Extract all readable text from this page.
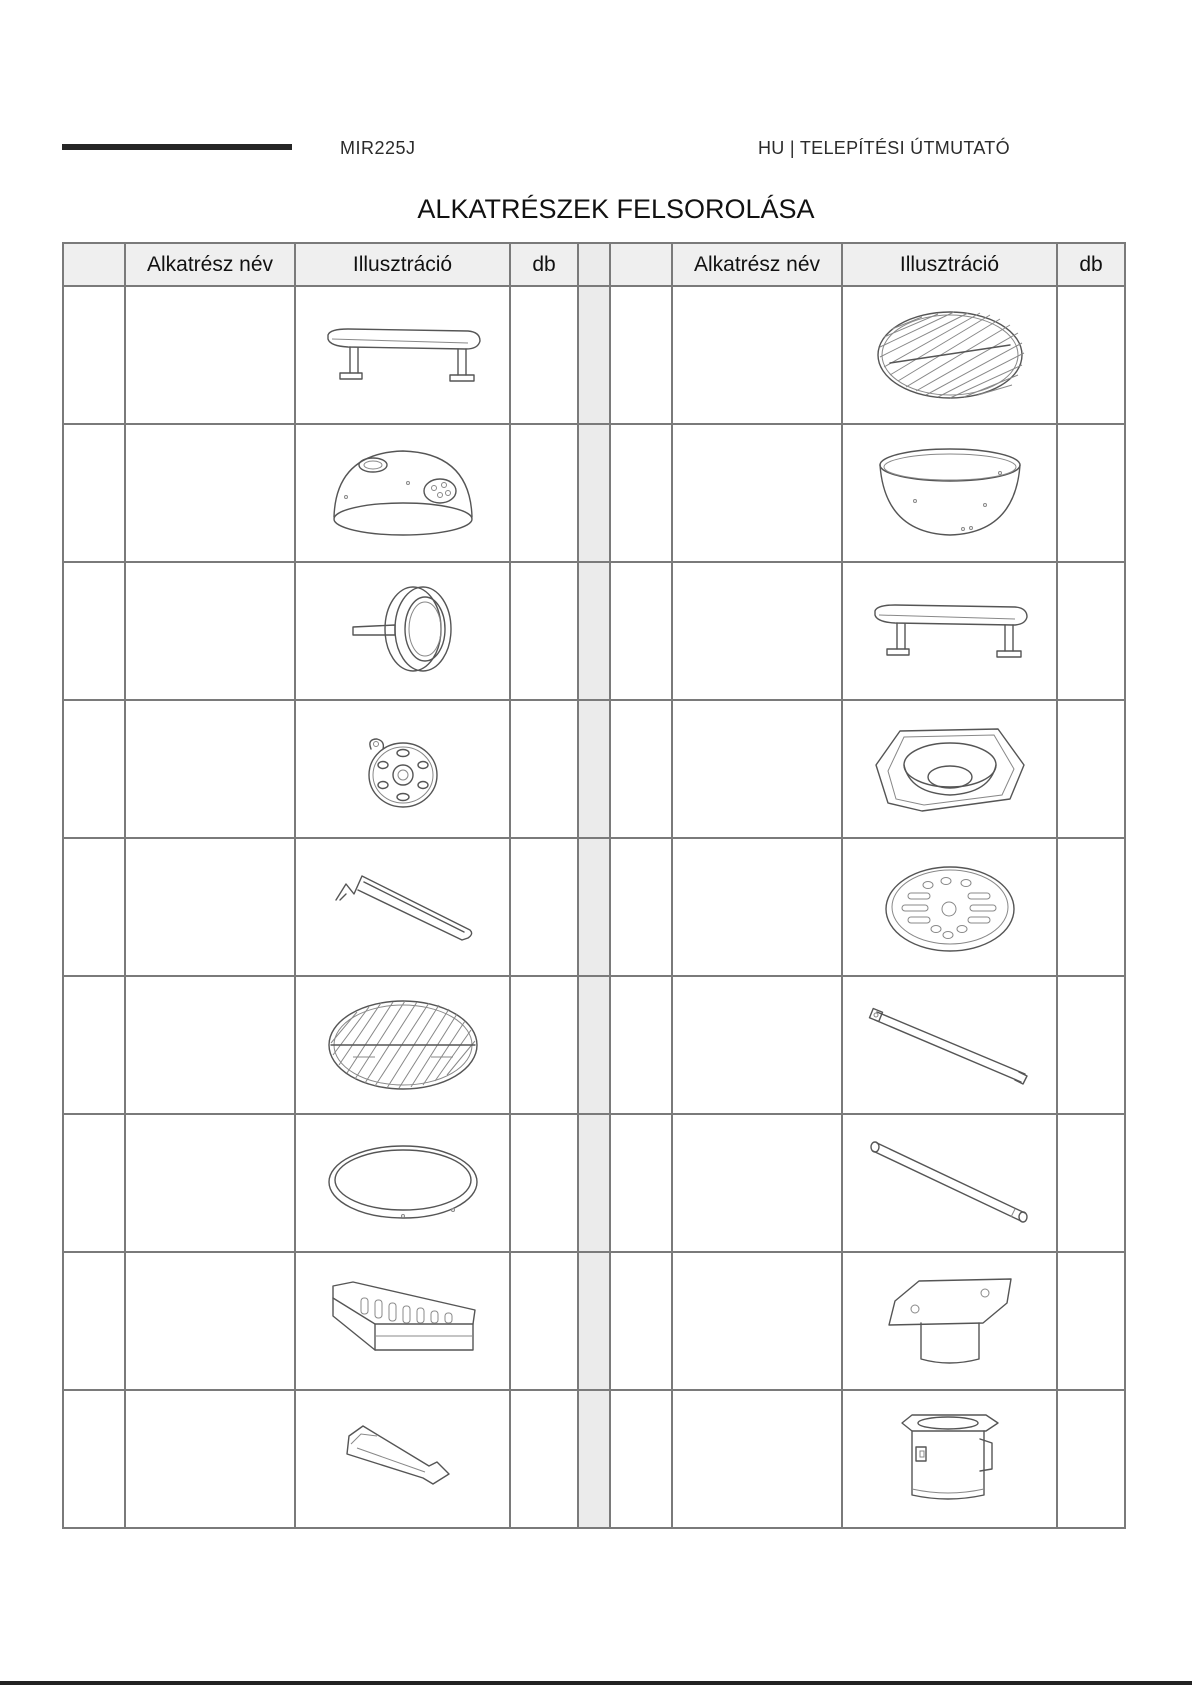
MIR225J	HU | TELEPÍTÉSI ÚTMUTATÓ
ALKATRÉSZEK FELSOROLÁSA
	Alkatrész név	Illusztráció	db			Alkatrész név	Illusztráció	db
